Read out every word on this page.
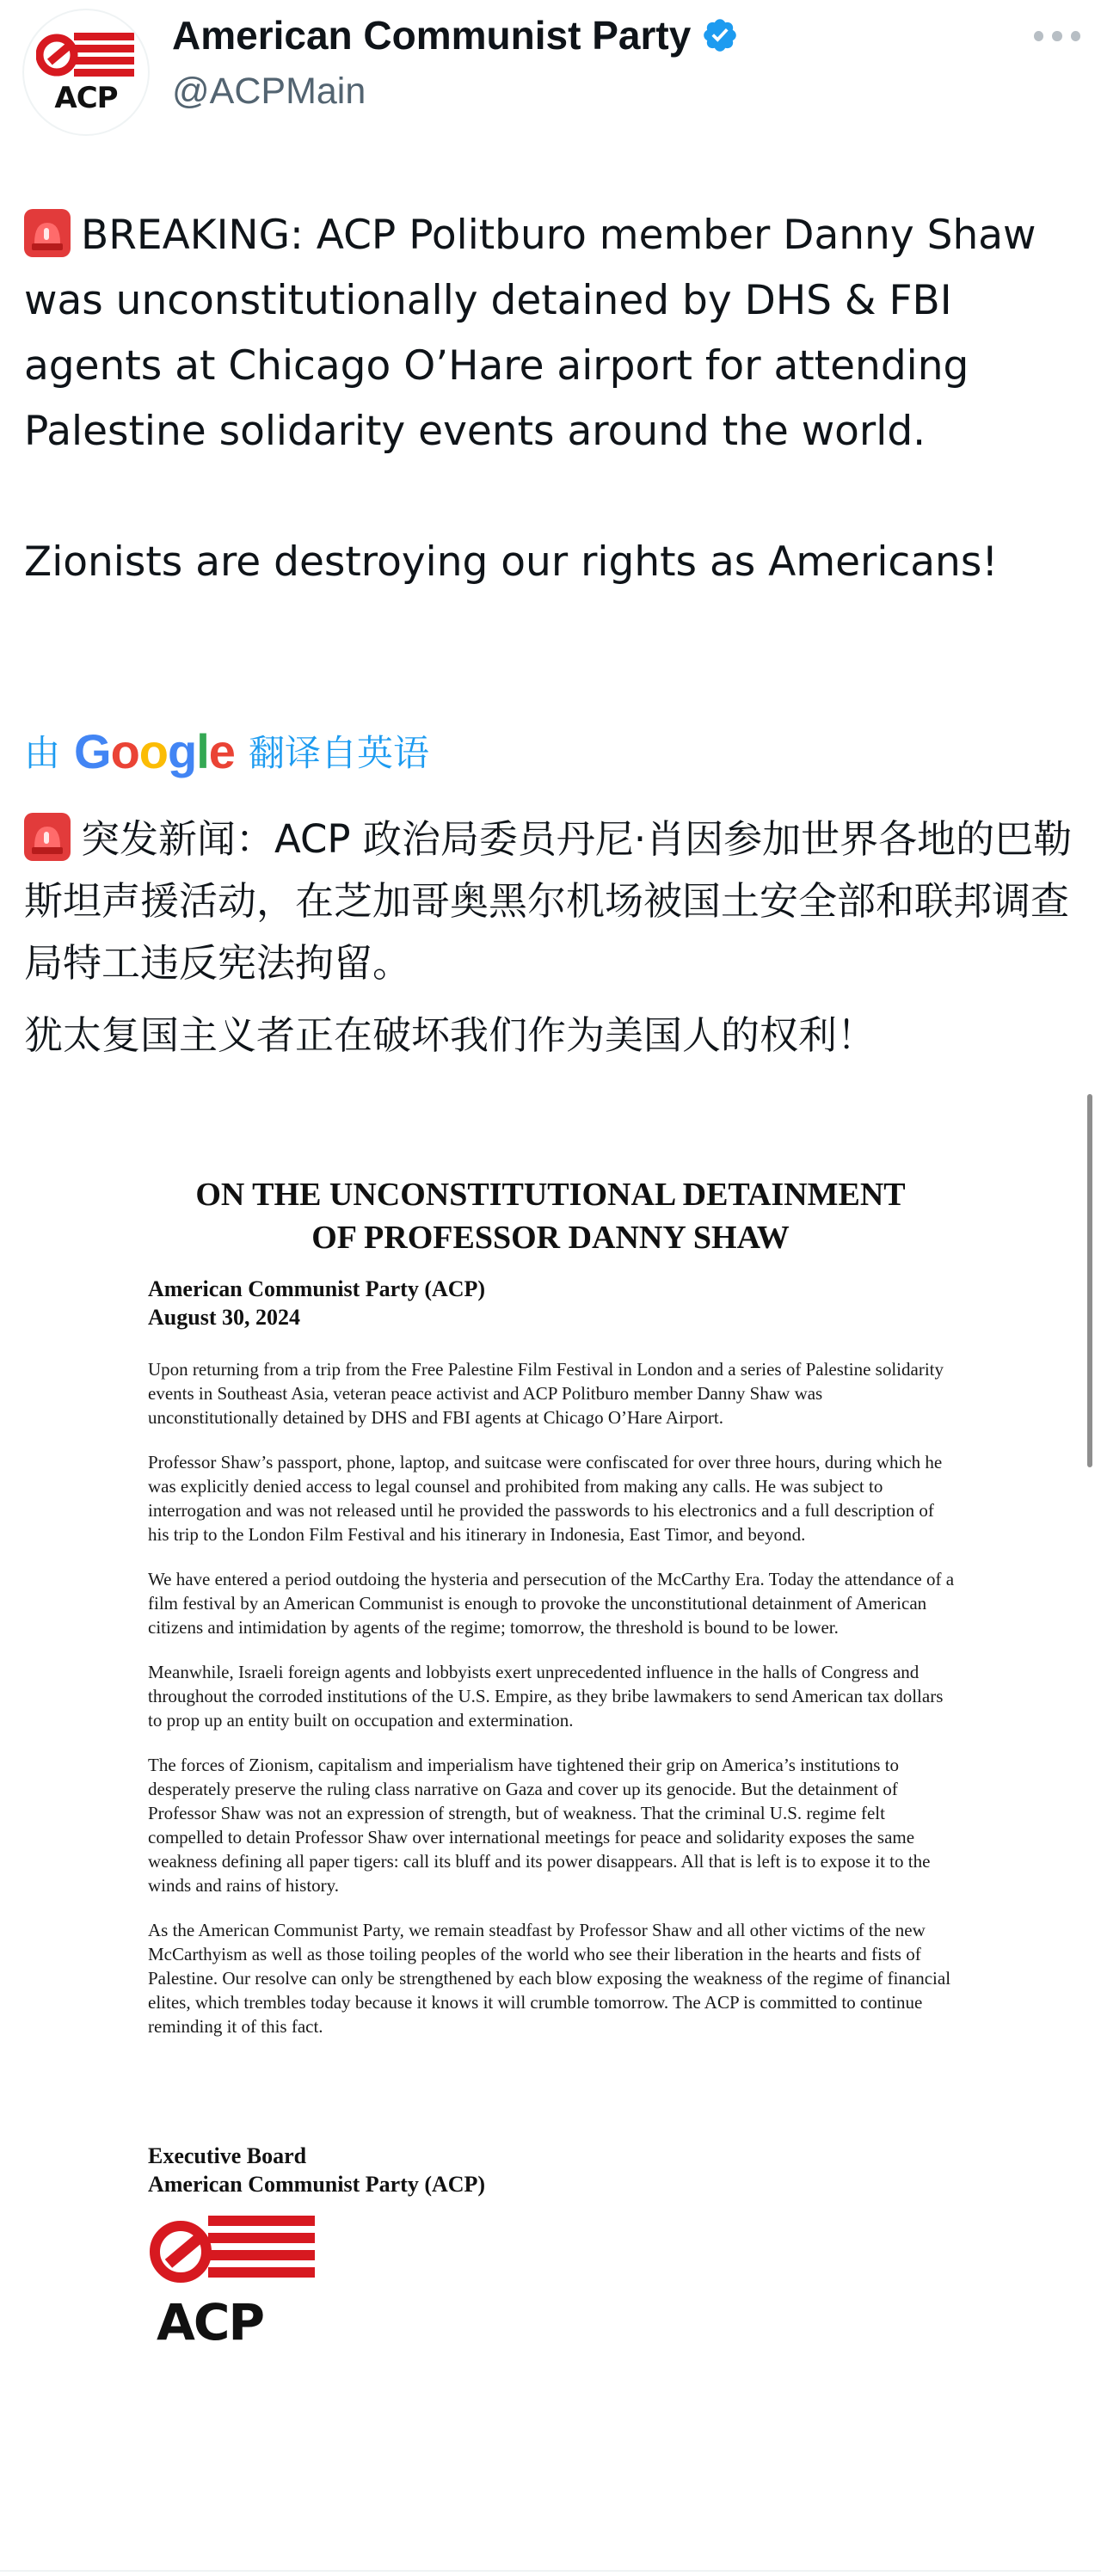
ACP
American Communist Party
@ACPMain

BREAKING: ACP Politburo member Danny Shaw was unconstitutionally detained by DHS & FBI agents at Chicago O’Hare airport for attending Palestine solidarity events around the world.

Zionists are destroying our rights as Americans!

由 Google 翻译自英语

突发新闻：ACP 政治局委员丹尼·肖因参加世界各地的巴勒斯坦声援活动，在芝加哥奥黑尔机场被国土安全部和联邦调查局特工违反宪法拘留。

犹太复国主义者正在破坏我们作为美国人的权利！

ON THE UNCONSTITUTIONAL DETAINMENT
OF PROFESSOR DANNY SHAW
American Communist Party (ACP)
August 30, 2024

Upon returning from a trip from the Free Palestine Film Festival in London and a series of Palestine solidarity events in Southeast Asia, veteran peace activist and ACP Politburo member Danny Shaw was unconstitutionally detained by DHS and FBI agents at Chicago O’Hare Airport.

Professor Shaw’s passport, phone, laptop, and suitcase were confiscated for over three hours, during which he was explicitly denied access to legal counsel and prohibited from making any calls. He was subject to interrogation and was not released until he provided the passwords to his electronics and a full description of his trip to the London Film Festival and his itinerary in Indonesia, East Timor, and beyond.

We have entered a period outdoing the hysteria and persecution of the McCarthy Era. Today the attendance of a film festival by an American Communist is enough to provoke the unconstitutional detainment of American citizens and intimidation by agents of the regime; tomorrow, the threshold is bound to be lower.

Meanwhile, Israeli foreign agents and lobbyists exert unprecedented influence in the halls of Congress and throughout the corroded institutions of the U.S. Empire, as they bribe lawmakers to send American tax dollars to prop up an entity built on occupation and extermination.

The forces of Zionism, capitalism and imperialism have tightened their grip on America’s institutions to desperately preserve the ruling class narrative on Gaza and cover up its genocide. But the detainment of Professor Shaw was not an expression of strength, but of weakness. That the criminal U.S. regime felt compelled to detain Professor Shaw over international meetings for peace and solidarity exposes the same weakness defining all paper tigers: call its bluff and its power disappears. All that is left is to expose it to the winds and rains of history.

As the American Communist Party, we remain steadfast by Professor Shaw and all other victims of the new McCarthyism as well as those toiling peoples of the world who see their liberation in the hearts and fists of Palestine. Our resolve can only be strengthened by each blow exposing the weakness of the regime of financial elites, which trembles today because it knows it will crumble tomorrow. The ACP is committed to continue reminding it of this fact.

Executive Board
American Communist Party (ACP)
ACP
